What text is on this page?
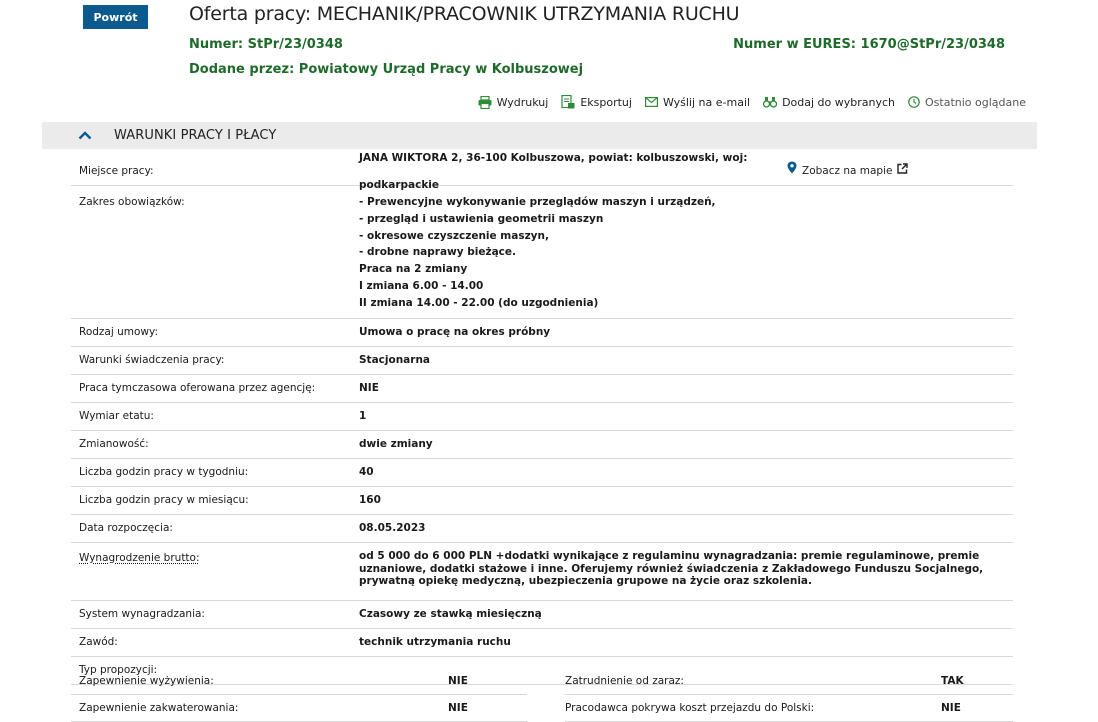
Powrót	Oferta pracy: MECHANIK/PRACOWNIK UTRZYMANIA RUCHU
Numer: StPr/23/0348	Numer w EURES: 1670@StPr/23/0348
Dodane przez: Powiatowy Urząd Pracy w Kolbuszowej
Wydrukuj	Eksportuj	Wyślij na e-mail	Dodaj do wybranych	Ostatnio oglądane
WARUNKI PRACY I PŁACY
Miejsce pracy:
JANA WIKTORA 2, 36-100 Kolbuszowa, powiat: kolbuszowski, woj: podkarpackie
Zobacz na mapie
Zakres obowiązków:	- Prewencyjne wykonywanie przeglądów maszyn i urządzeń,
- przegląd i ustawienia geometrii maszyn
- okresowe czyszczenie maszyn,
- drobne naprawy bieżące.
Praca na 2 zmiany
I zmiana 6.00 - 14.00
II zmiana 14.00 - 22.00 (do uzgodnienia)
Rodzaj umowy:	Umowa o pracę na okres próbny
Warunki świadczenia pracy:	Stacjonarna
Praca tymczasowa oferowana przez agencję:	NIE
Wymiar etatu:	1
Zmianowość:	dwie zmiany
Liczba godzin pracy w tygodniu:	40
Liczba godzin pracy w miesiącu:	160
Data rozpoczęcia:	08.05.2023
Wynagrodzenie brutto:	od 5 000 do 6 000 PLN +dodatki wynikające z regulaminu wynagradzania: premie regulaminowe, premie uznaniowe, dodatki stażowe i inne. Oferujemy również świadczenia z Zakładowego Funduszu Socjalnego, prywatną opiekę medyczną, ubezpieczenia grupowe na życie oraz szkolenia.
System wynagradzania:	Czasowy ze stawką miesięczną
Zawód:	technik utrzymania ruchu
Typ propozycji:
Zapewnienie wyżywienia:	NIE	Zatrudnienie od zaraz:	TAK
Zapewnienie zakwaterowania:	NIE	Pracodawca pokrywa koszt przejazdu do Polski:	NIE
